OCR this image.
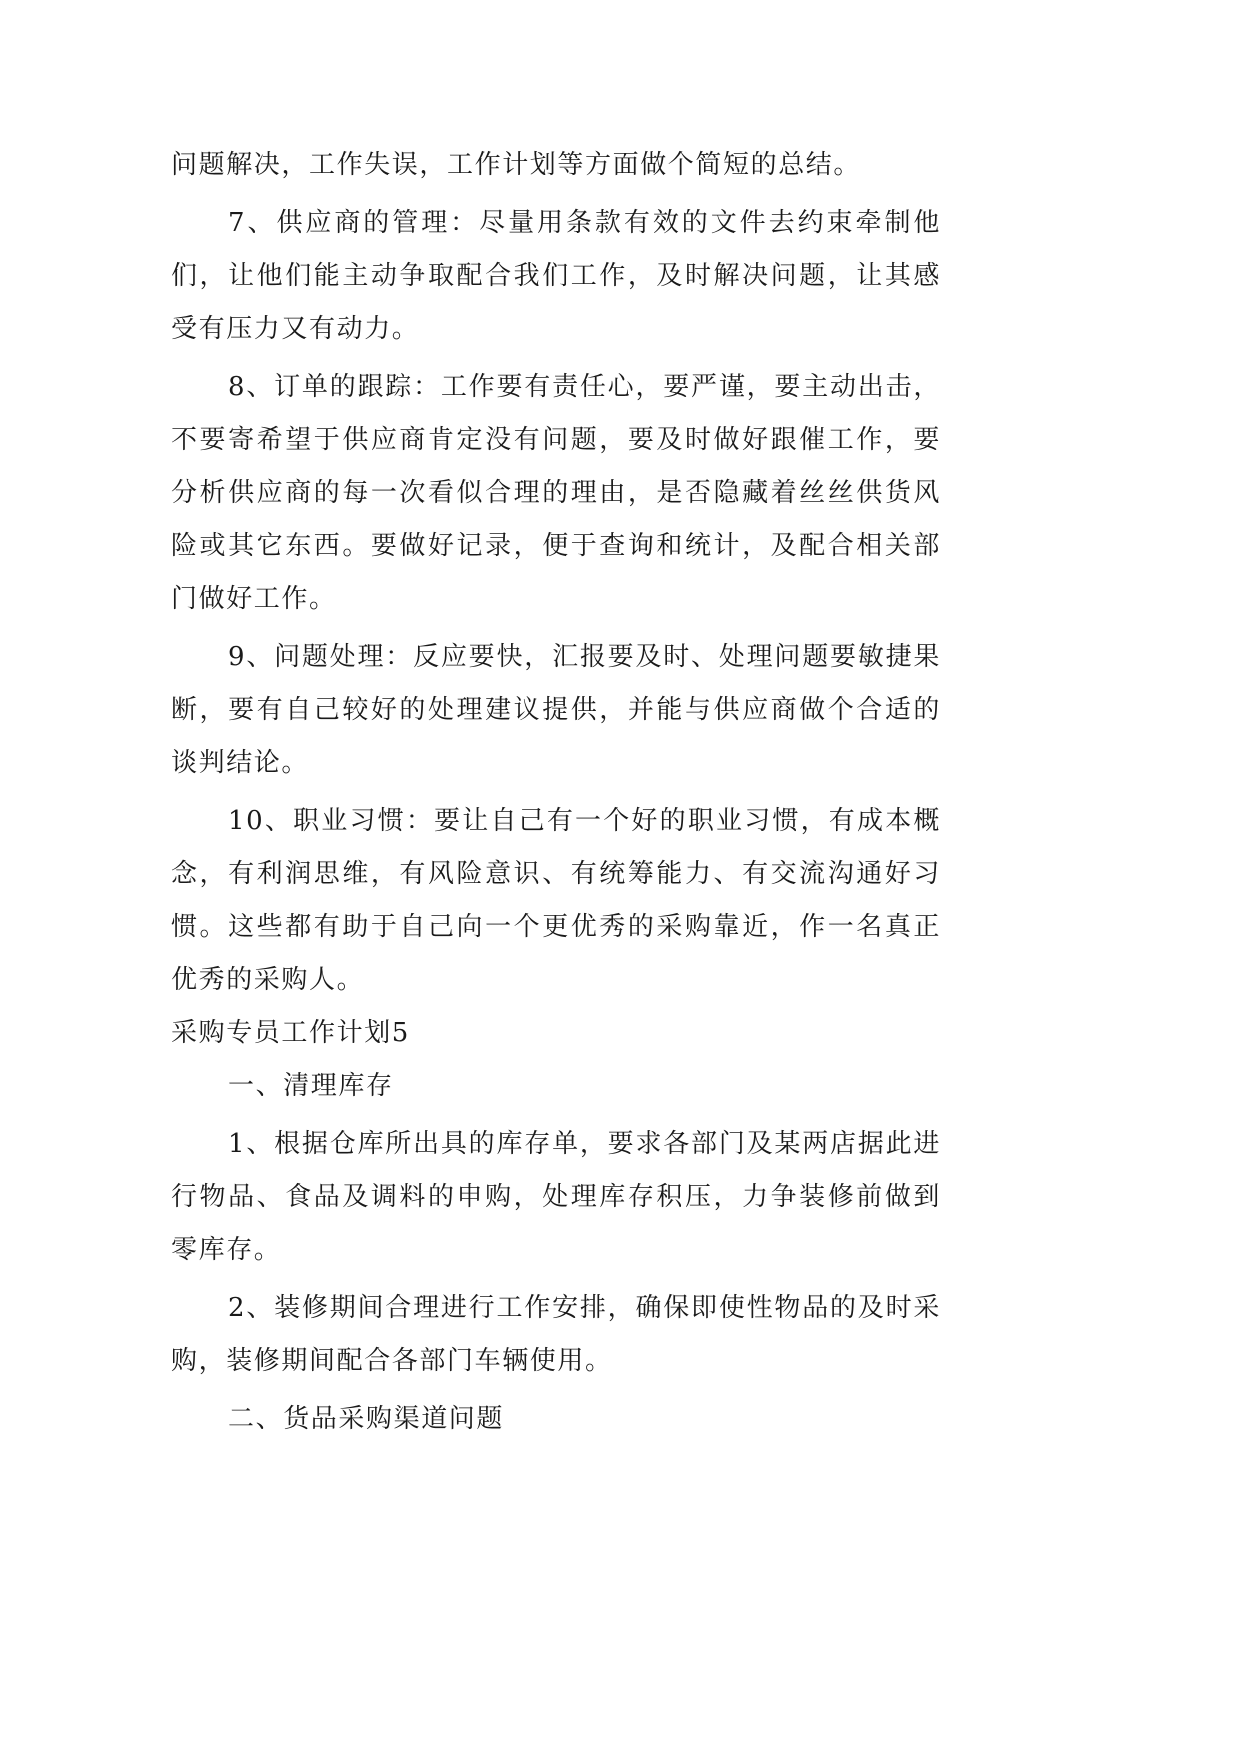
问题解决，工作失误，工作计划等方面做个简短的总结。

7、供应商的管理：尽量用条款有效的文件去约束牵制他们，让他们能主动争取配合我们工作，及时解决问题，让其感受有压力又有动力。

8、订单的跟踪：工作要有责任心，要严谨，要主动出击，不要寄希望于供应商肯定没有问题，要及时做好跟催工作，要分析供应商的每一次看似合理的理由，是否隐藏着丝丝供货风险或其它东西。要做好记录，便于查询和统计，及配合相关部门做好工作。

9、问题处理：反应要快，汇报要及时、处理问题要敏捷果断，要有自己较好的处理建议提供，并能与供应商做个合适的谈判结论。

10、职业习惯：要让自己有一个好的职业习惯，有成本概念，有利润思维，有风险意识、有统筹能力、有交流沟通好习惯。这些都有助于自己向一个更优秀的采购靠近，作一名真正优秀的采购人。

采购专员工作计划5

一、清理库存

1、根据仓库所出具的库存单，要求各部门及某两店据此进行物品、食品及调料的申购，处理库存积压，力争装修前做到零库存。

2、装修期间合理进行工作安排，确保即使性物品的及时采购，装修期间配合各部门车辆使用。

二、货品采购渠道问题
